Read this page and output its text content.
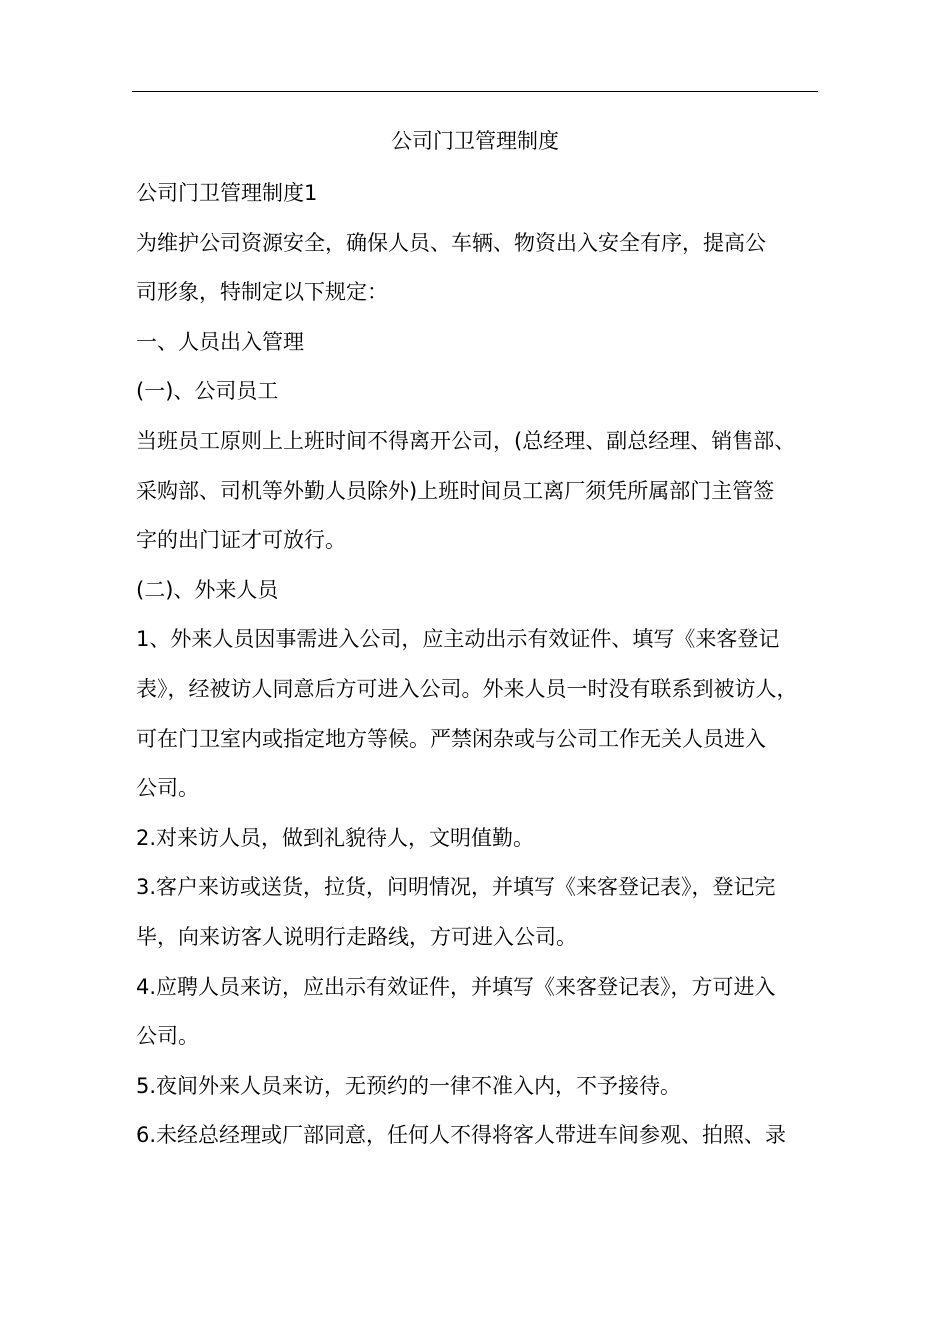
公司门卫管理制度
公司门卫管理制度1
为维护公司资源安全，确保人员、车辆、物资出入安全有序，提高公
司形象，特制定以下规定：
一、人员出入管理
(一)、公司员工
当班员工原则上上班时间不得离开公司，(总经理、副总经理、销售部、
采购部、司机等外勤人员除外)上班时间员工离厂须凭所属部门主管签
字的出门证才可放行。
(二)、外来人员
1、外来人员因事需进入公司，应主动出示有效证件、填写《来客登记
表》，经被访人同意后方可进入公司。外来人员一时没有联系到被访人，
可在门卫室内或指定地方等候。严禁闲杂或与公司工作无关人员进入
公司。
2.对来访人员，做到礼貌待人，文明值勤。
3.客户来访或送货，拉货，问明情况，并填写《来客登记表》，登记完
毕，向来访客人说明行走路线，方可进入公司。
4.应聘人员来访，应出示有效证件，并填写《来客登记表》，方可进入
公司。
5.夜间外来人员来访，无预约的一律不准入内，不予接待。
6.未经总经理或厂部同意，任何人不得将客人带进车间参观、拍照、录
